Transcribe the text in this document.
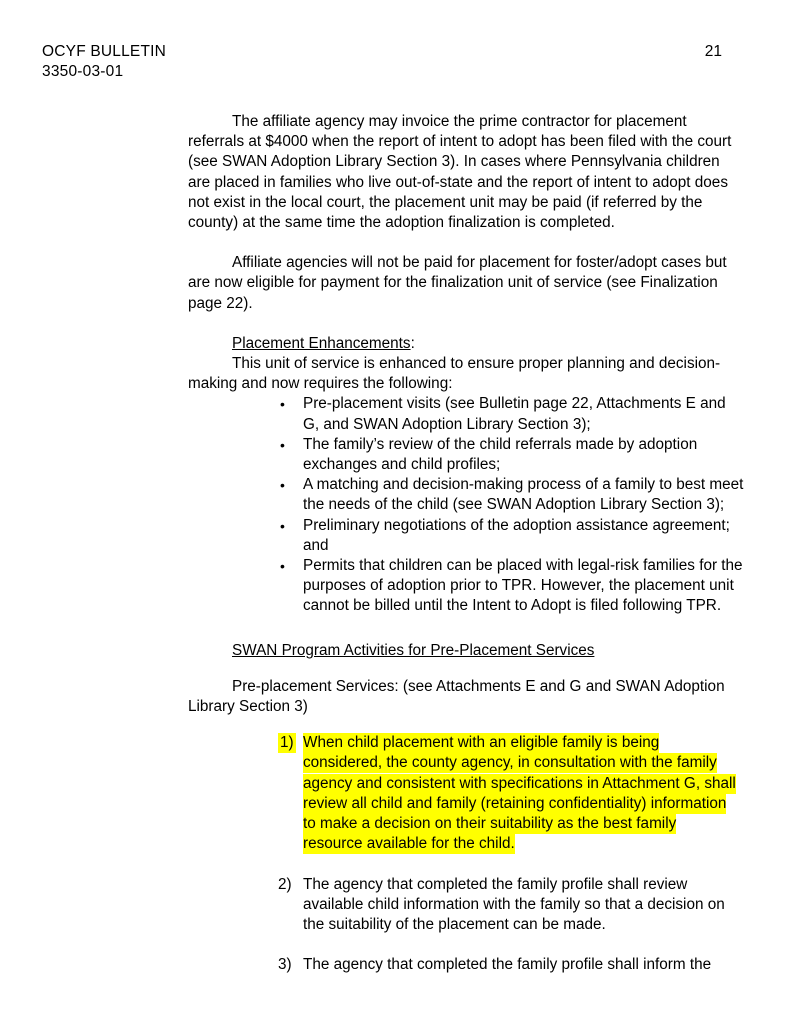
OCYF BULLETIN	21
3350-03-01

The affiliate agency may invoice the prime contractor for placement referrals at $4000 when the report of intent to adopt has been filed with the court (see SWAN Adoption Library Section 3). In cases where Pennsylvania children are placed in families who live out-of-state and the report of intent to adopt does not exist in the local court, the placement unit may be paid (if referred by the county) at the same time the adoption finalization is completed.

Affiliate agencies will not be paid for placement for foster/adopt cases but are now eligible for payment for the finalization unit of service (see Finalization page 22).

Placement Enhancements:

This unit of service is enhanced to ensure proper planning and decision-making and now requires the following:

• Pre-placement visits (see Bulletin page 22, Attachments E and G, and SWAN Adoption Library Section 3);
• The family’s review of the child referrals made by adoption exchanges and child profiles;
• A matching and decision-making process of a family to best meet the needs of the child (see SWAN Adoption Library Section 3);
• Preliminary negotiations of the adoption assistance agreement; and
• Permits that children can be placed with legal-risk families for the purposes of adoption prior to TPR. However, the placement unit cannot be billed until the Intent to Adopt is filed following TPR.

SWAN Program Activities for Pre-Placement Services

Pre-placement Services: (see Attachments E and G and SWAN Adoption Library Section 3)

1) When child placement with an eligible family is being
considered, the county agency, in consultation with the family
agency and consistent with specifications in Attachment G, shall
review all child and family (retaining confidentiality) information
to make a decision on their suitability as the best family
resource available for the child.
2) The agency that completed the family profile shall review available child information with the family so that a decision on the suitability of the placement can be made.
3) The agency that completed the family profile shall inform the
